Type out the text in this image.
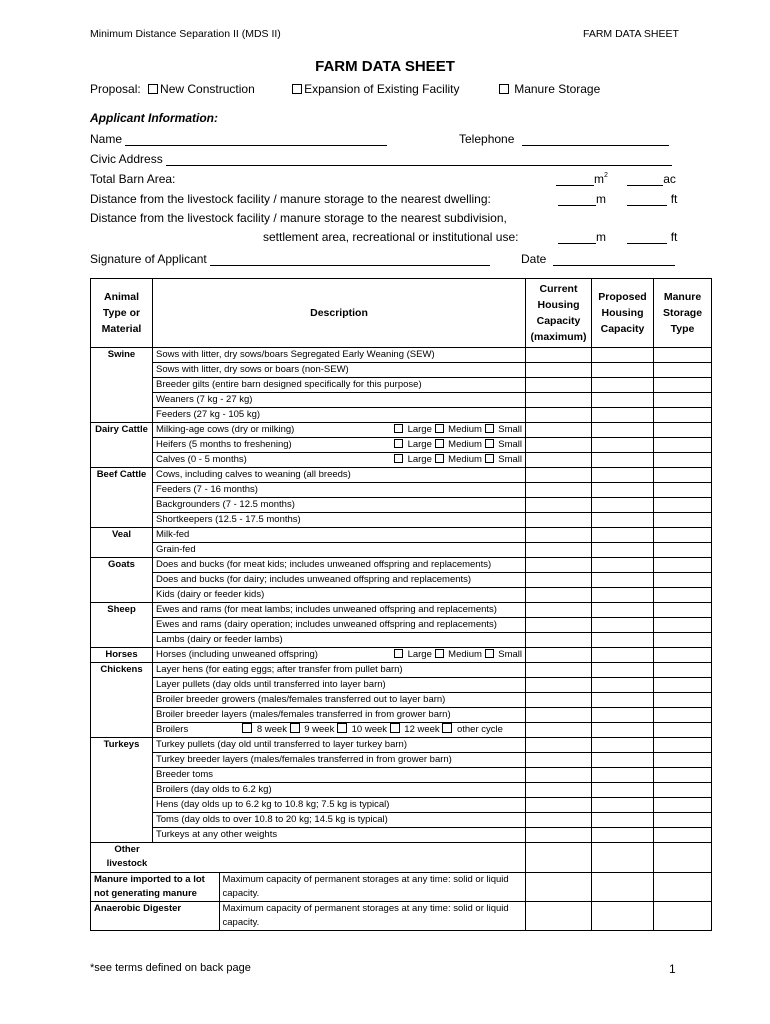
Minimum Distance Separation II (MDS II)	FARM DATA SHEET
FARM DATA SHEET
Proposal: New Construction	Expansion of Existing Facility	Manure Storage
Applicant Information:
Name	Telephone
Civic Address
Total Barn Area:	$m^2$	ac
Distance from the livestock facility / manure storage to the nearest dwelling:	m	ft
Distance from the livestock facility / manure storage to the nearest subdivision,
settlement area, recreational or institutional use:	m	ft
Signature of Applicant	Date
Animal Type or Material	Description	Current Housing Capacity (maximum)	Proposed Housing Capacity	Manure Storage Type
Swine	Sows with litter, dry sows/boars Segregated Early Weaning (SEW)			
Sows with litter, dry sows or boars (non-SEW)			
Breeder gilts (entire barn designed specifically for this purpose)			
Weaners (7 kg - 27 kg)			
Feeders (27 kg - 105 kg)			
Dairy Cattle	Milking-age cows (dry or milking)	Large Medium Small

Heifers (5 months to freshening)	Large Medium Small

Calves (0 - 5 months)	Large Medium Small

Beef Cattle	Cows, including calves to weaning (all breeds)			
Feeders (7 - 16 months)			
Backgrounders (7 - 12.5 months)			
Shortkeepers (12.5 - 17.5 months)			
Veal	Milk-fed			
Grain-fed			
Goats	Does and bucks (for meat kids; includes unweaned offspring and replacements)			
Does and bucks (for dairy; includes unweaned offspring and replacements)			
Kids (dairy or feeder kids)			
Sheep	Ewes and rams (for meat lambs; includes unweaned offspring and replacements)			
Ewes and rams (dairy operation; includes unweaned offspring and replacements)			
Lambs (dairy or feeder lambs)			
Horses	Horses (including unweaned offspring)	Large Medium Small

Chickens	Layer hens (for eating eggs; after transfer from pullet barn)			
Layer pullets (day olds until transferred into layer barn)			
Broiler breeder growers (males/females transferred out to layer barn)			
Broiler breeder layers (males/females transferred in from grower barn)			
Broilers	8 week 9 week 10 week 12 week other cycle			
Turkeys	Turkey pullets (day old until transferred to layer turkey barn)			
Turkey breeder layers (males/females transferred in from grower barn)			
Breeder toms			
Broilers (day olds to 6.2 kg)			
Hens (day olds up to 6.2 kg to 10.8 kg; 7.5 kg is typical)			
Toms (day olds to over 10.8 to 20 kg; 14.5 kg is typical)			
Turkeys at any other weights			

Other livestock

Manure imported to a lot not generating manure	Maximum capacity of permanent storages at any time: solid or liquid capacity.

Anaerobic Digester	Maximum capacity of permanent storages at any time: solid or liquid capacity.

*see terms defined on back page	1
